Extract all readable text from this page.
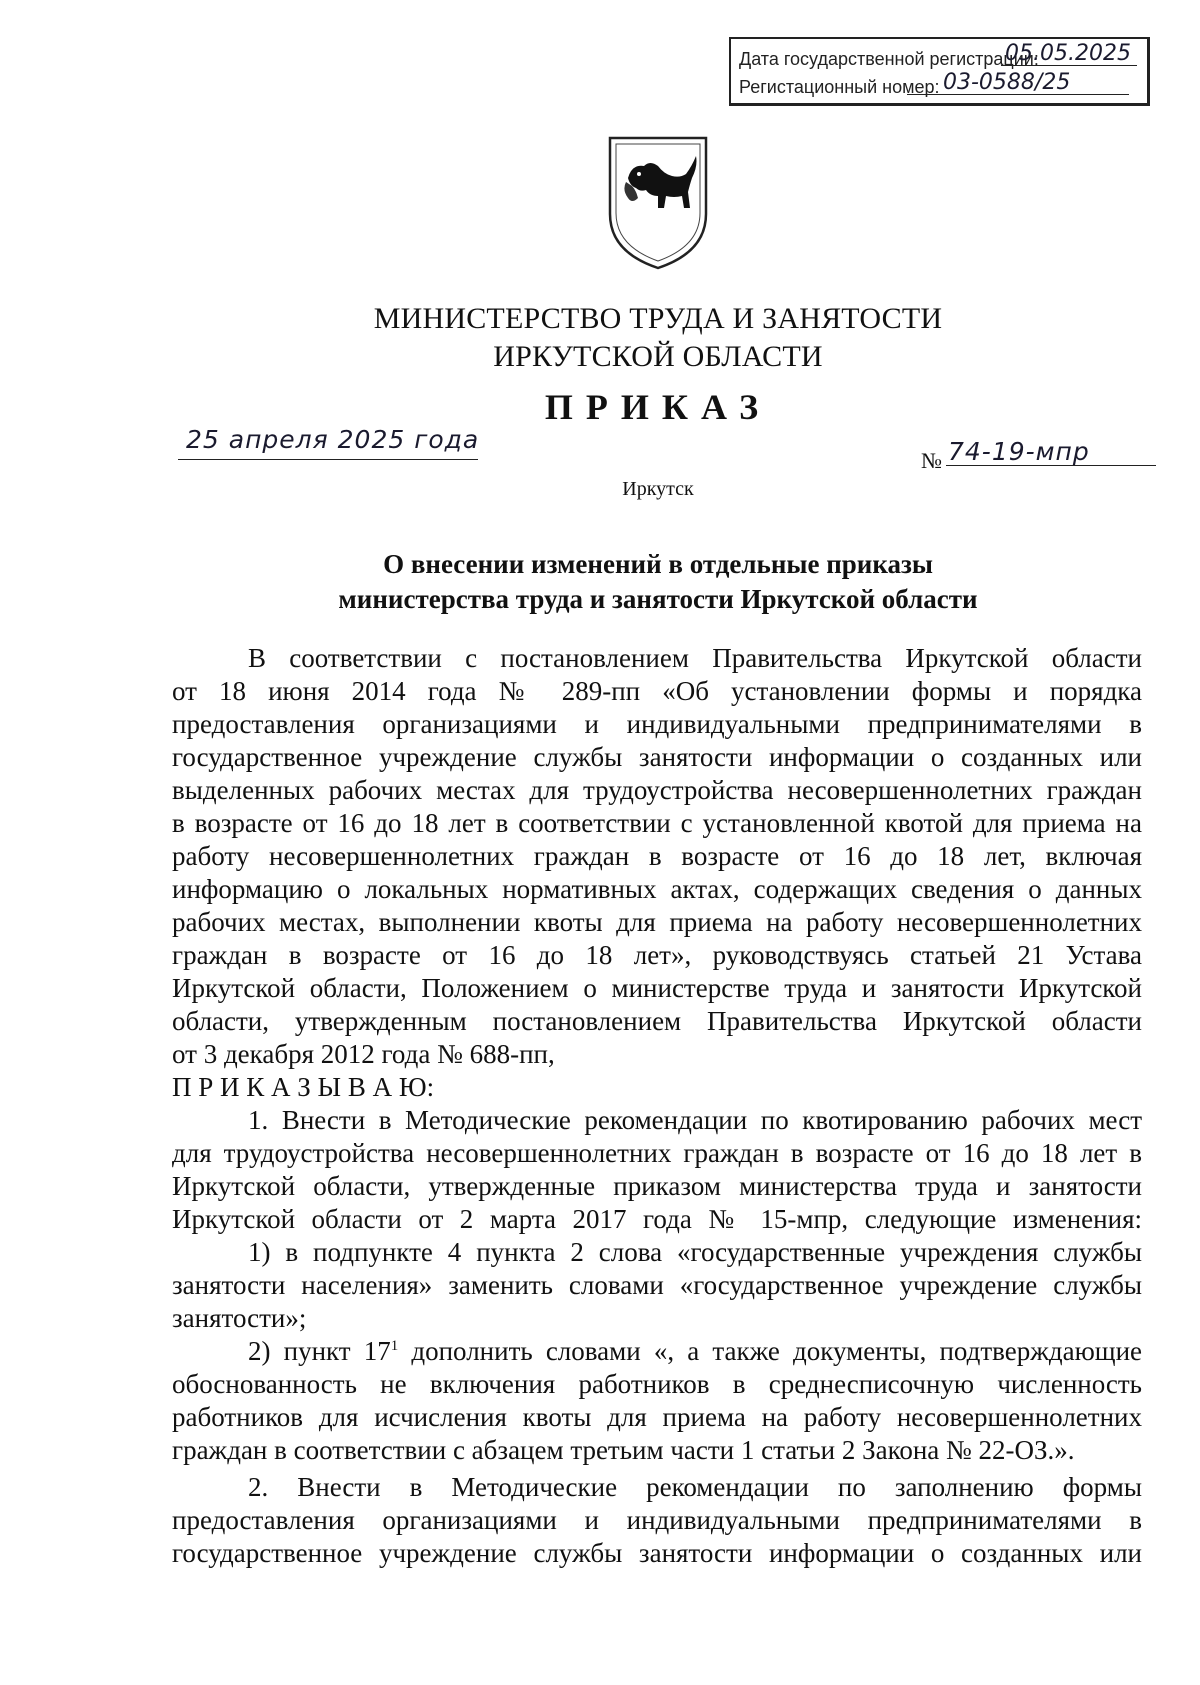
Дата государственной регистрации:
05.05.2025
Регистационный номер: 03-0588/25
МИНИСТЕРСТВО ТРУДА И ЗАНЯТОСТИ
ИРКУТСКОЙ ОБЛАСТИ
ПРИКАЗ
25 апреля 2025 года
№ 74-19-мпр
Иркутск
О внесении изменений в отдельные приказы
министерства труда и занятости Иркутской области
В соответствии с постановлением Правительства Иркутской области
от 18 июня 2014 года № 289-пп «Об установлении формы и порядка
предоставления организациями и индивидуальными предпринимателями в
государственное учреждение службы занятости информации о созданных или
выделенных рабочих местах для трудоустройства несовершеннолетних граждан
в возрасте от 16 до 18 лет в соответствии с установленной квотой для приема на
работу несовершеннолетних граждан в возрасте от 16 до 18 лет, включая
информацию о локальных нормативных актах, содержащих сведения о данных
рабочих местах, выполнении квоты для приема на работу несовершеннолетних
граждан в возрасте от 16 до 18 лет», руководствуясь статьей 21 Устава
Иркутской области, Положением о министерстве труда и занятости Иркутской
области, утвержденным постановлением Правительства Иркутской области
от 3 декабря 2012 года № 688-пп,
П Р И К А З Ы В А Ю:
1. Внести в Методические рекомендации по квотированию рабочих мест
для трудоустройства несовершеннолетних граждан в возрасте от 16 до 18 лет в
Иркутской области, утвержденные приказом министерства труда и занятости
Иркутской области от 2 марта 2017 года № 15-мпр, следующие изменения:
1) в подпункте 4 пункта 2 слова «государственные учреждения службы
занятости населения» заменить словами «государственное учреждение службы
занятости»;
2) пункт $17^1$ дополнить словами «, а также документы, подтверждающие
обоснованность не включения работников в среднесписочную численность
работников для исчисления квоты для приема на работу несовершеннолетних
граждан в соответствии с абзацем третьим части 1 статьи 2 Закона № 22-ОЗ.».
2. Внести в Методические рекомендации по заполнению формы
предоставления организациями и индивидуальными предпринимателями в
государственное учреждение службы занятости информации о созданных или
